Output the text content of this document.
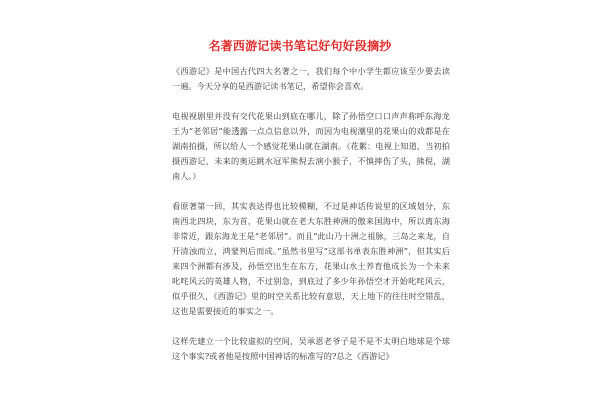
名著西游记读书笔记好句好段摘抄

《西游记》是中国古代四大名著之一，我们每个中小学生都应该至少要去读一遍。今天分享的是西游记读书笔记，希望你会喜欢。

电视视剧里并没有交代花果山到底在哪儿，除了孙悟空口口声声称呼东海龙王为“老邻居”能透露一点点信息以外，而因为电视潮里的花果山的戏都是在湖南拍摄，所以给人一个感觉花果山就在湖南。（花絮：电视上知道，当初拍摄西游记，未来的奥运跳水冠军熊倪去演小猴子，不慎摔伤了头，熊倪，湖南人。）

看原著第一回，其实表达得也比较模糊，不过是神话传说里的区域划分，东南西北四块，东为首，花果山就在老大东胜神洲的傲来国海中，所以离东海非常近，跟东海龙王是“老邻居”。而且“此山乃十洲之祖脉，三岛之来龙，自开清浊而立，鸿蒙判后而成。”虽然书里写“这部书单表东胜神洲”，但其实后来四个洲都有涉及，孙悟空出生在东方，花果山水土养育他成长为一个未来叱咤风云的英雄人物，不过别急，到底过了多少年孙悟空才开始叱咤风云，似乎很久，《西游记》里的时空关系比较有意思，天上地下的往往时空错乱，这也是需要接近的事实之一。

这样先建立一个比较虚拟的空间，吴承恩老爷子是不是不太明白地球是个球这个事实?或者他是按照中国神话的标准写的?总之《西游记》
